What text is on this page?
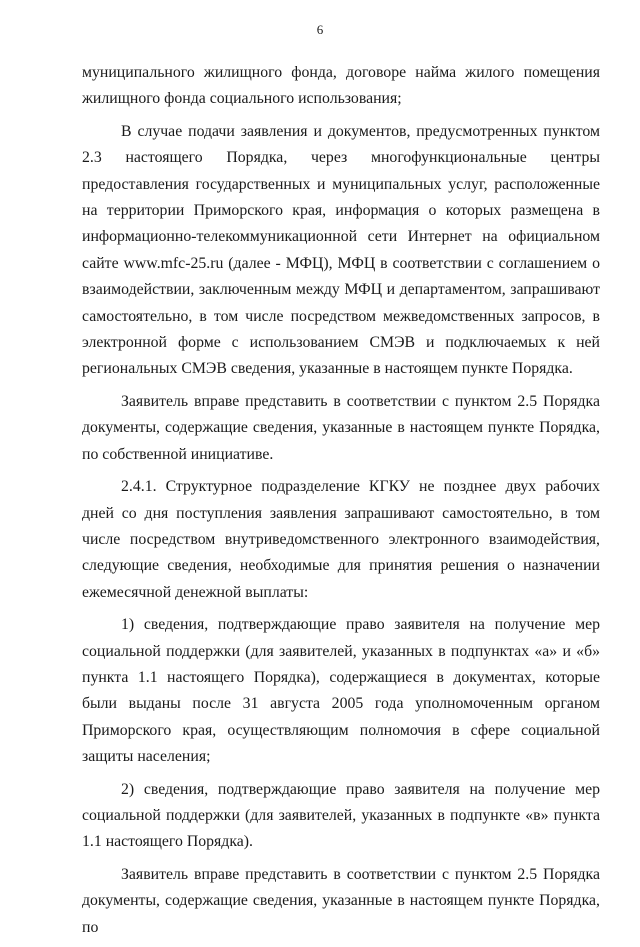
6

муниципального жилищного фонда, договоре найма жилого помещения жилищного фонда социального использования;

В случае подачи заявления и документов, предусмотренных пунктом 2.3 настоящего Порядка, через многофункциональные центры предоставления государственных и муниципальных услуг, расположенные на территории Приморского края, информация о которых размещена в информационно-телекоммуникационной сети Интернет на официальном сайте www.mfc-25.ru (далее - МФЦ), МФЦ в соответствии с соглашением о взаимодействии, заключенным между МФЦ и департаментом, запрашивают самостоятельно, в том числе посредством межведомственных запросов, в электронной форме с использованием СМЭВ и подключаемых к ней региональных СМЭВ сведения, указанные в настоящем пункте Порядка.

Заявитель вправе представить в соответствии с пунктом 2.5 Порядка документы, содержащие сведения, указанные в настоящем пункте Порядка, по собственной инициативе.

2.4.1. Структурное подразделение КГКУ не позднее двух рабочих дней со дня поступления заявления запрашивают самостоятельно, в том числе посредством внутриведомственного электронного взаимодействия, следующие сведения, необходимые для принятия решения о назначении ежемесячной денежной выплаты:

1) сведения, подтверждающие право заявителя на получение мер социальной поддержки (для заявителей, указанных в подпунктах «а» и «б» пункта 1.1 настоящего Порядка), содержащиеся в документах, которые были выданы после 31 августа 2005 года уполномоченным органом Приморского края, осуществляющим полномочия в сфере социальной защиты населения;

2) сведения, подтверждающие право заявителя на получение мер социальной поддержки (для заявителей, указанных в подпункте «в» пункта 1.1 настоящего Порядка).

Заявитель вправе представить в соответствии с пунктом 2.5 Порядка документы, содержащие сведения, указанные в настоящем пункте Порядка, по
